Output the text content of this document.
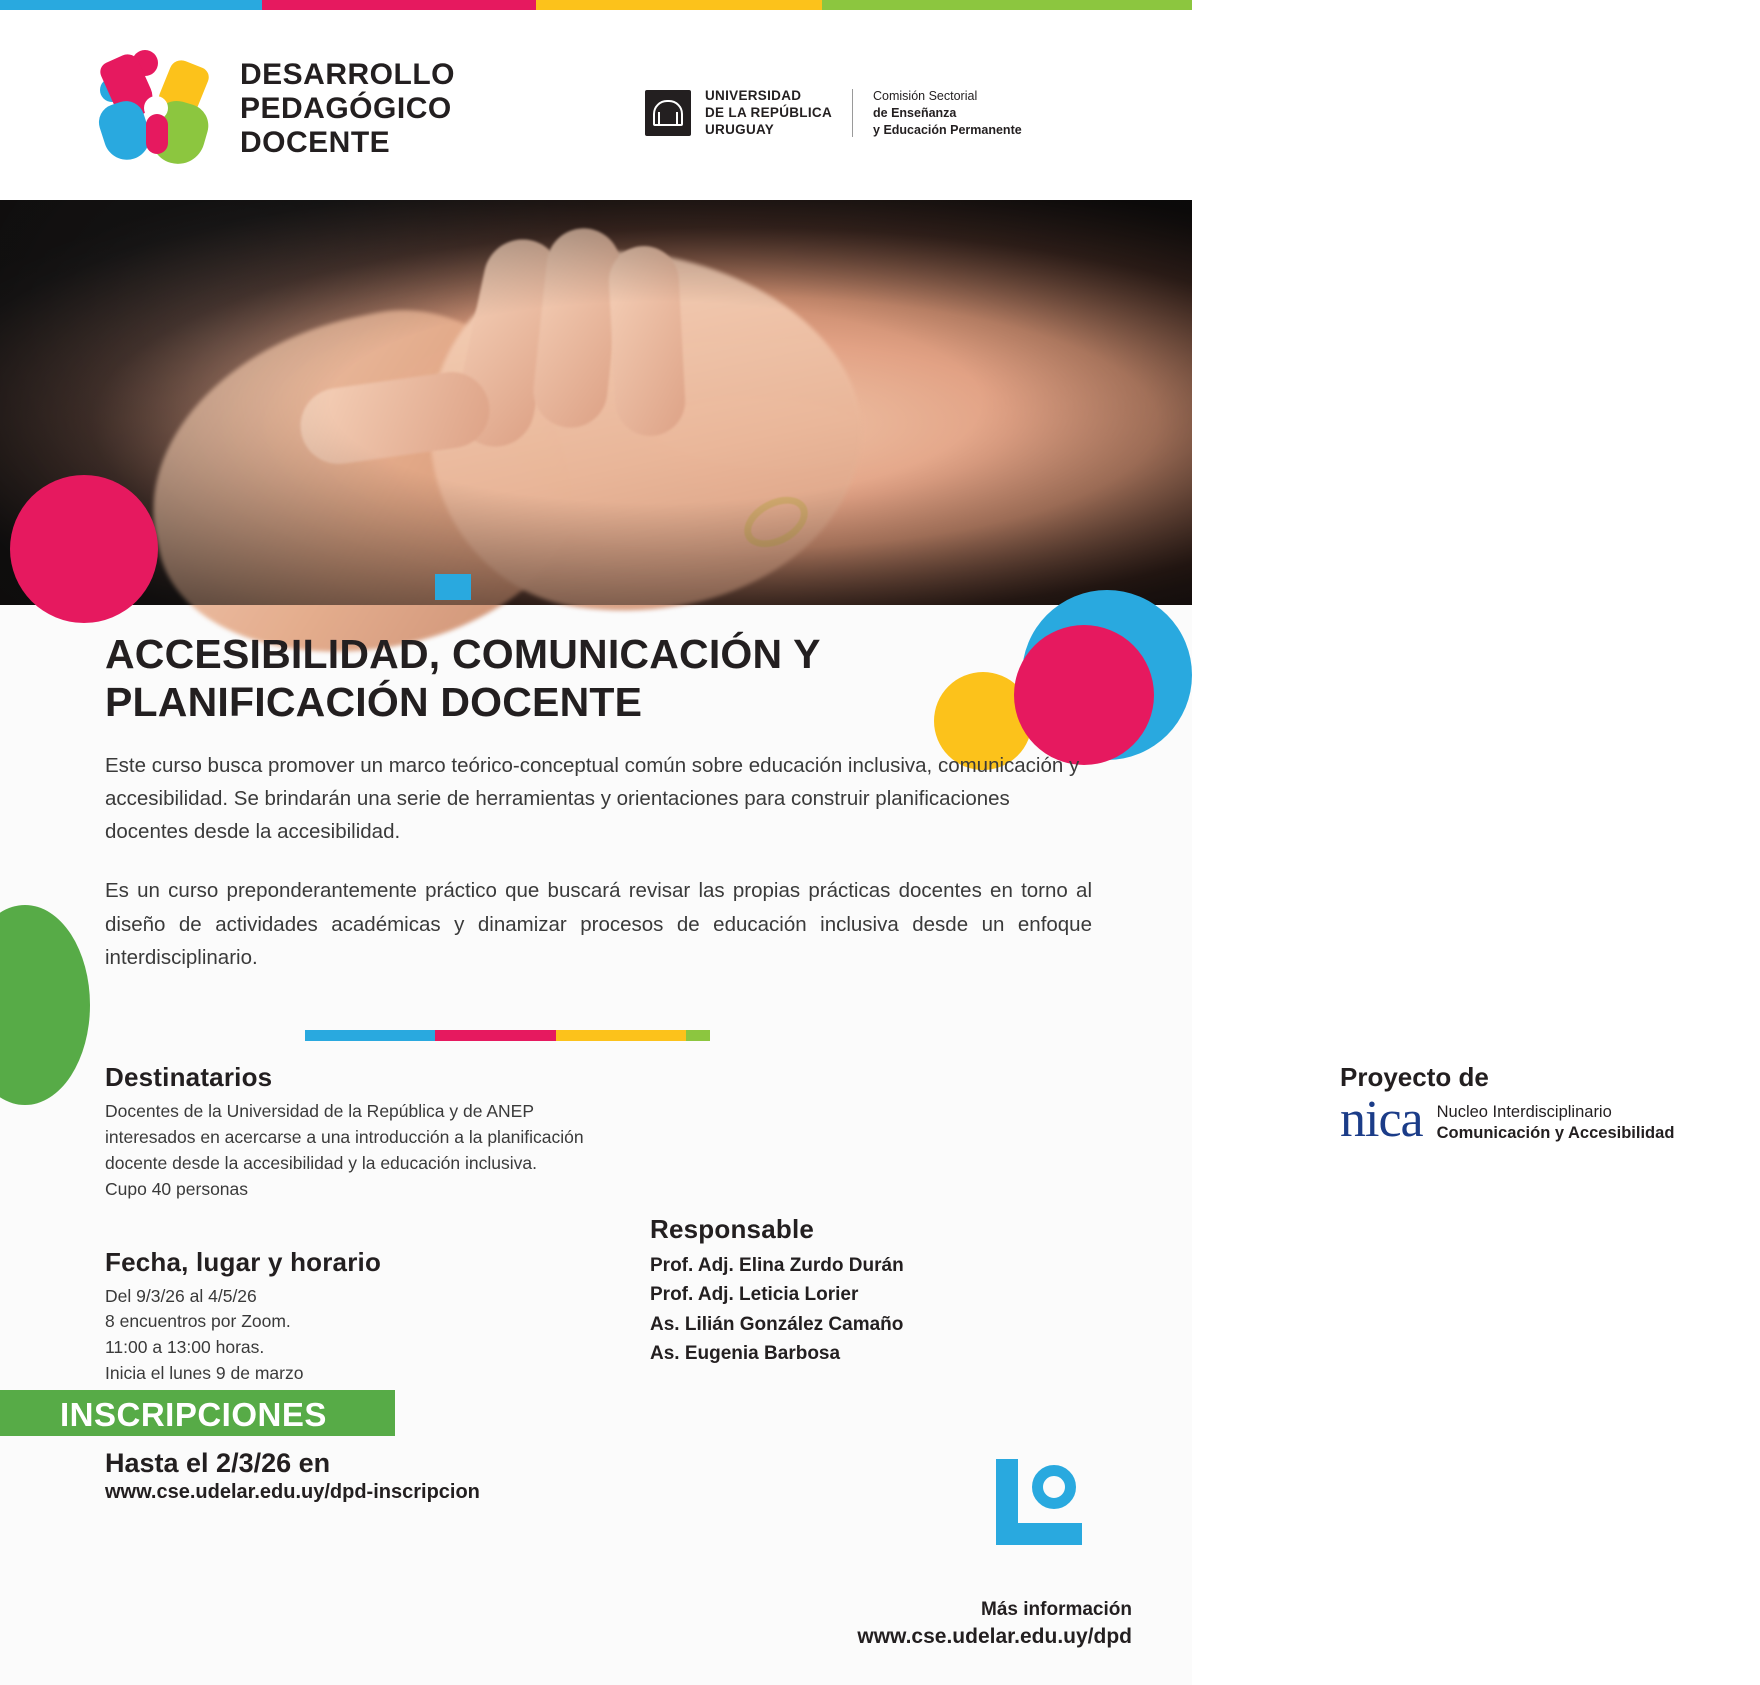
DESARROLLO
PEDAGÓGICO
DOCENTE
UNIVERSIDAD
DE LA REPÚBLICA
URUGUAY
Comisión Sectorial
de Enseñanza
y Educación Permanente
ACCESIBILIDAD, COMUNICACIÓN Y PLANIFICACIÓN DOCENTE

Este curso busca promover un marco teórico-conceptual común sobre educación inclusiva, comunicación y accesibilidad. Se brindarán una serie de herramientas y orientaciones para construir planificaciones docentes desde la accesibilidad.

Es un curso preponderantemente práctico que buscará revisar las propias prácticas docentes en torno al diseño de actividades académicas y dinamizar procesos de educación inclusiva desde un enfoque interdisciplinario.

Destinatarios
Docentes de la Universidad de la República y de ANEP
interesados en acercarse a una introducción a la planificación
docente desde la accesibilidad y la educación inclusiva.
Cupo 40 personas
Fecha, lugar y horario
Del 9/3/26 al 4/5/26
8 encuentros por Zoom.
11:00 a 13:00 horas.
Inicia el lunes 9 de marzo
Proyecto de
nica Nucleo Interdisciplinario
Comunicación y Accesibilidad
Responsable
Prof. Adj. Elina Zurdo Durán
Prof. Adj. Leticia Lorier
As. Lilián González Camaño
As. Eugenia Barbosa
INSCRIPCIONES
Hasta el 2/3/26 en
www.cse.udelar.edu.uy/dpd-inscripcion
Más información
www.cse.udelar.edu.uy/dpd
